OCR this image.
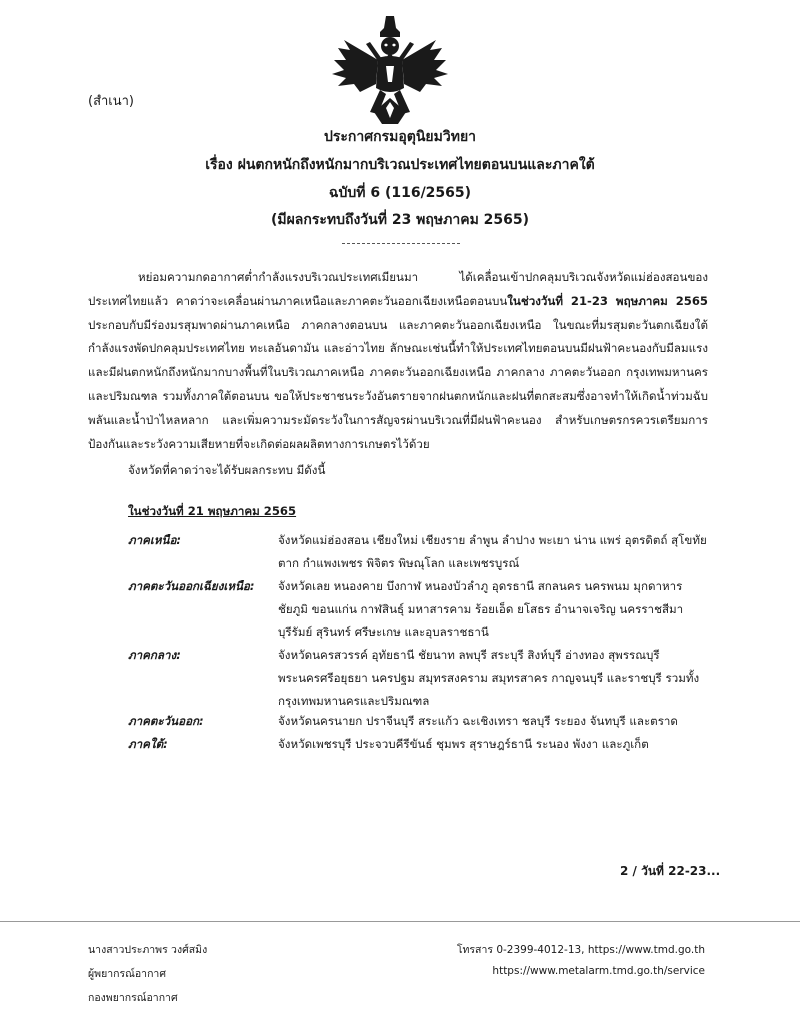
(สำเนา)
ประกาศกรมอุตุนิยมวิทยา
เรื่อง ฝนตกหนักถึงหนักมากบริเวณประเทศไทยตอนบนและภาคใต้
ฉบับที่ 6 (116/2565)
(มีผลกระทบถึงวันที่ 23 พฤษภาคม 2565)
หย่อมความกดอากาศต่ำกำลังแรงบริเวณประเทศเมียนมา ได้เคลื่อนเข้าปกคลุมบริเวณจังหวัดแม่ฮ่องสอนของประเทศไทยแล้ว คาดว่าจะเคลื่อนผ่านภาคเหนือและภาคตะวันออกเฉียงเหนือตอนบนในช่วงวันที่ 21-23 พฤษภาคม 2565 ประกอบกับมีร่องมรสุมพาดผ่านภาคเหนือ ภาคกลางตอนบน และภาคตะวันออกเฉียงเหนือ ในขณะที่มรสุมตะวันตกเฉียงใต้กำลังแรงพัดปกคลุมประเทศไทย ทะเลอันดามัน และอ่าวไทย ลักษณะเช่นนี้ทำให้ประเทศไทยตอนบนมีฝนฟ้าคะนองกับมีลมแรง และมีฝนตกหนักถึงหนักมากบางพื้นที่ในบริเวณภาคเหนือ ภาคตะวันออกเฉียงเหนือ ภาคกลาง ภาคตะวันออก กรุงเทพมหานครและปริมณฑล รวมทั้งภาคใต้ตอนบน ขอให้ประชาชนระวังอันตรายจากฝนตกหนักและฝนที่ตกสะสมซึ่งอาจทำให้เกิดน้ำท่วมฉับพลันและน้ำป่าไหลหลาก และเพิ่มความระมัดระวังในการสัญจรผ่านบริเวณที่มีฝนฟ้าคะนอง สำหรับเกษตรกรควรเตรียมการป้องกันและระวังความเสียหายที่จะเกิดต่อผลผลิตทางการเกษตรไว้ด้วย
จังหวัดที่คาดว่าจะได้รับผลกระทบ มีดังนี้
ในช่วงวันที่ 21 พฤษภาคม 2565
ภาคเหนือ:	จังหวัดแม่ฮ่องสอน เชียงใหม่ เชียงราย ลำพูน ลำปาง พะเยา น่าน แพร่ อุตรดิตถ์ สุโขทัย ตาก กำแพงเพชร พิจิตร พิษณุโลก และเพชรบูรณ์
ภาคตะวันออกเฉียงเหนือ: จังหวัดเลย หนองคาย บึงกาฬ หนองบัวลำภู อุดรธานี สกลนคร นครพนม มุกดาหาร ชัยภูมิ ขอนแก่น กาฬสินธุ์ มหาสารคาม ร้อยเอ็ด ยโสธร อำนาจเจริญ นครราชสีมา บุรีรัมย์ สุรินทร์ ศรีษะเกษ และอุบลราชธานี
ภาคกลาง:	จังหวัดนครสวรรค์ อุทัยธานี ชัยนาท ลพบุรี สระบุรี สิงห์บุรี อ่างทอง สุพรรณบุรี พระนครศรีอยุธยา นครปฐม สมุทรสงคราม สมุทรสาคร กาญจนบุรี และราชบุรี รวมทั้งกรุงเทพมหานครและปริมณฑล
ภาคตะวันออก:	จังหวัดนครนายก ปราจีนบุรี สระแก้ว ฉะเชิงเทรา ชลบุรี ระยอง จันทบุรี และตราด
ภาคใต้:	จังหวัดเพชรบุรี ประจวบคีรีขันธ์ ชุมพร สุราษฎร์ธานี ระนอง พังงา และภูเก็ต
2 / วันที่ 22-23...
นางสาวประภาพร วงศ์สมิง
ผู้พยากรณ์อากาศ
กองพยากรณ์อากาศ
โทรสาร 0-2399-4012-13, https://www.tmd.go.th
https://www.metalarm.tmd.go.th/service
